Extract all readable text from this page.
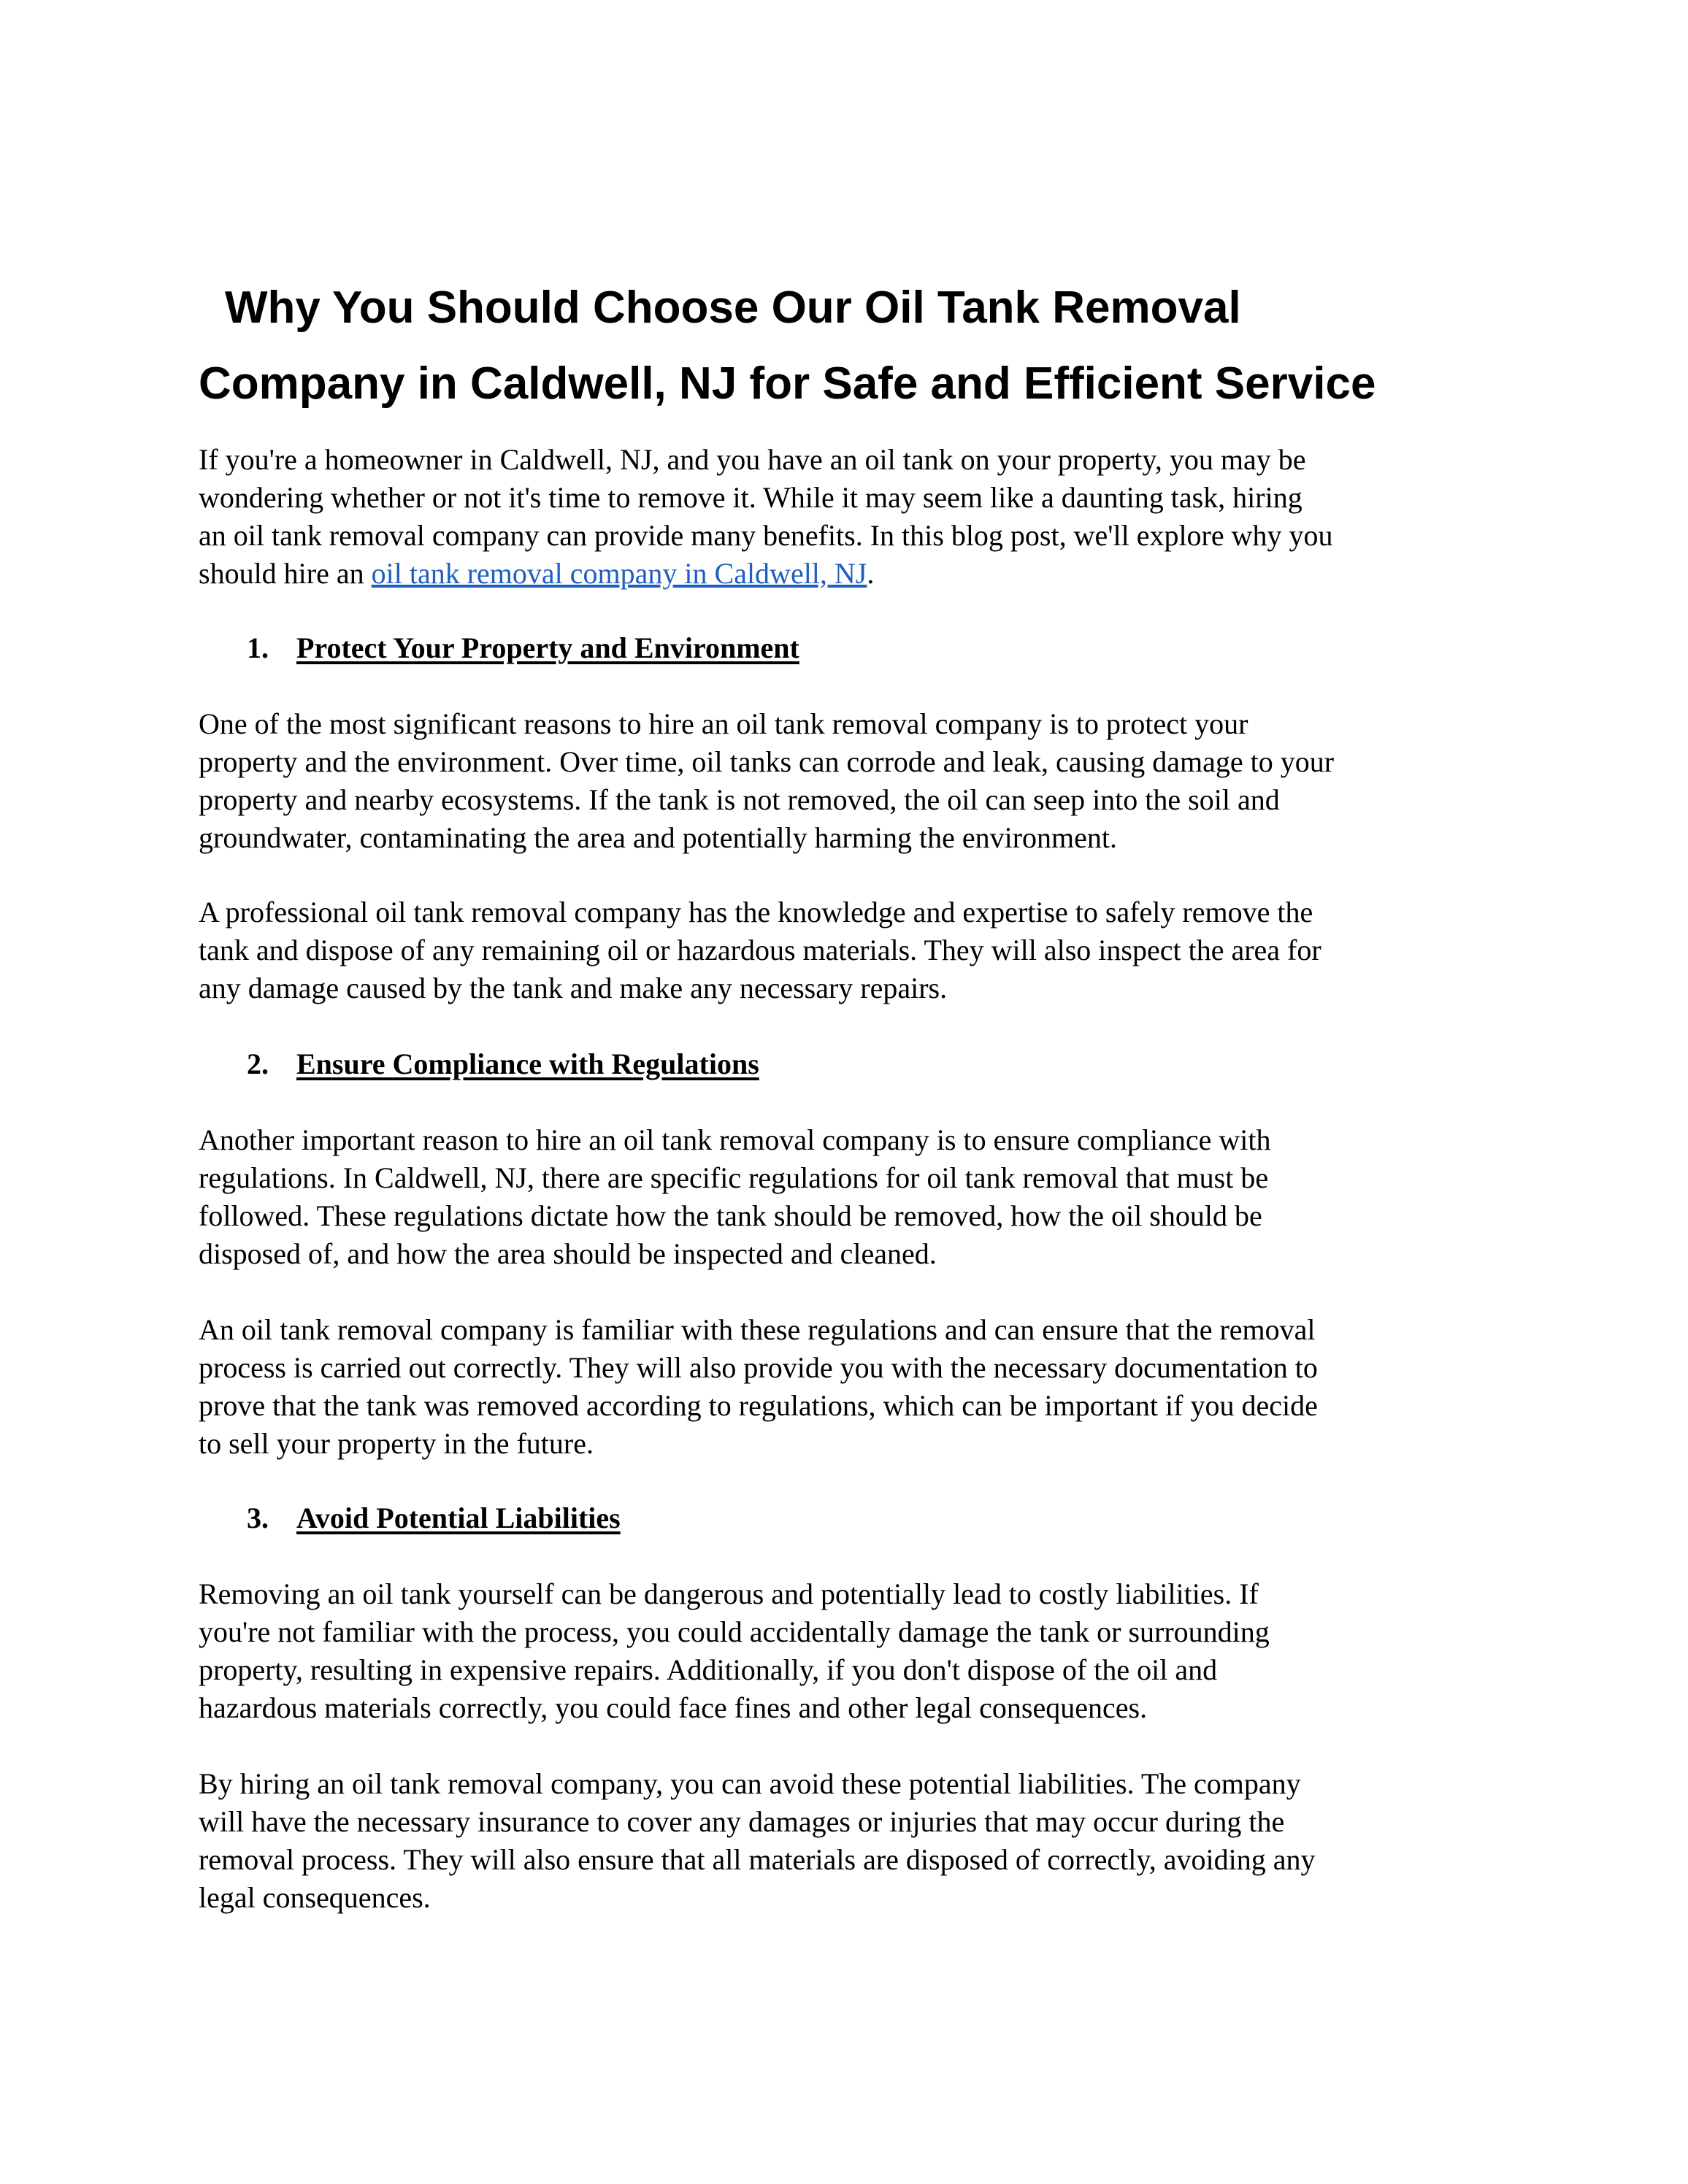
Why You Should Choose Our Oil Tank Removal
Company in Caldwell, NJ for Safe and Efficient Service

If you're a homeowner in Caldwell, NJ, and you have an oil tank on your property, you may be
wondering whether or not it's time to remove it. While it may seem like a daunting task, hiring
an oil tank removal company can provide many benefits. In this blog post, we'll explore why you
should hire an oil tank removal company in Caldwell, NJ.

1. Protect Your Property and Environment

One of the most significant reasons to hire an oil tank removal company is to protect your
property and the environment. Over time, oil tanks can corrode and leak, causing damage to your
property and nearby ecosystems. If the tank is not removed, the oil can seep into the soil and
groundwater, contaminating the area and potentially harming the environment.

A professional oil tank removal company has the knowledge and expertise to safely remove the
tank and dispose of any remaining oil or hazardous materials. They will also inspect the area for
any damage caused by the tank and make any necessary repairs.

2. Ensure Compliance with Regulations

Another important reason to hire an oil tank removal company is to ensure compliance with
regulations. In Caldwell, NJ, there are specific regulations for oil tank removal that must be
followed. These regulations dictate how the tank should be removed, how the oil should be
disposed of, and how the area should be inspected and cleaned.

An oil tank removal company is familiar with these regulations and can ensure that the removal
process is carried out correctly. They will also provide you with the necessary documentation to
prove that the tank was removed according to regulations, which can be important if you decide
to sell your property in the future.

3. Avoid Potential Liabilities

Removing an oil tank yourself can be dangerous and potentially lead to costly liabilities. If
you're not familiar with the process, you could accidentally damage the tank or surrounding
property, resulting in expensive repairs. Additionally, if you don't dispose of the oil and
hazardous materials correctly, you could face fines and other legal consequences.

By hiring an oil tank removal company, you can avoid these potential liabilities. The company
will have the necessary insurance to cover any damages or injuries that may occur during the
removal process. They will also ensure that all materials are disposed of correctly, avoiding any
legal consequences.
